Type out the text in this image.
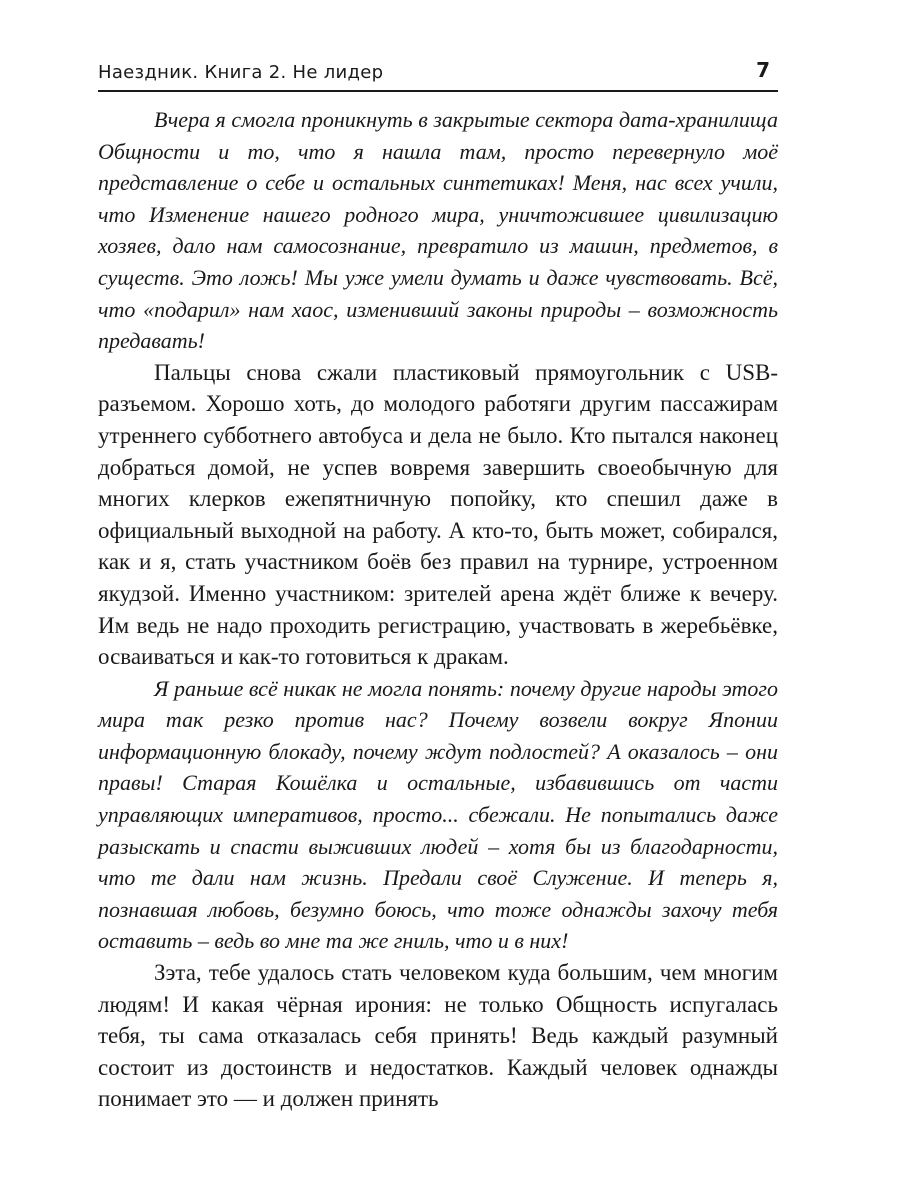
Наездник. Книга 2. Не лидер	7

Вчера я смогла проникнуть в закрытые сектора дата-хранилища Общности и то, что я нашла там, просто перевернуло моё представление о себе и остальных синтетиках! Меня, нас всех учили, что Изменение нашего родного мира, уничтожившее цивилизацию хозяев, дало нам самосознание, превратило из машин, предметов, в существ. Это ложь! Мы уже умели думать и даже чувствовать. Всё, что «подарил» нам хаос, изменивший законы природы – возможность предавать!

Пальцы снова сжали пластиковый прямоугольник с USB-разъемом. Хорошо хоть, до молодого работяги другим пассажирам утреннего субботнего автобуса и дела не было. Кто пытался наконец добраться домой, не успев вовремя завершить своеобычную для многих клерков ежепятничную попойку, кто спешил даже в официальный выходной на работу. А кто-то, быть может, собирался, как и я, стать участником боёв без правил на турнире, устроенном якудзой. Именно участником: зрителей арена ждёт ближе к вечеру. Им ведь не надо проходить регистрацию, участвовать в жеребьёвке, осваиваться и как-то готовиться к дракам.

Я раньше всё никак не могла понять: почему другие народы этого мира так резко против нас? Почему возвели вокруг Японии информационную блокаду, почему ждут подлостей? А оказалось – они правы! Старая Кошёлка и остальные, избавившись от части управляющих императивов, просто... сбежали. Не попытались даже разыскать и спасти выживших людей – хотя бы из благодарности, что те дали нам жизнь. Предали своё Служение. И теперь я, познавшая любовь, безумно боюсь, что тоже однажды захочу тебя оставить – ведь во мне та же гниль, что и в них!

Зэта, тебе удалось стать человеком куда большим, чем многим людям! И какая чёрная ирония: не только Общность испугалась тебя, ты сама отказалась себя принять! Ведь каждый разумный состоит из достоинств и недостатков. Каждый человек однажды понимает это — и должен принять
